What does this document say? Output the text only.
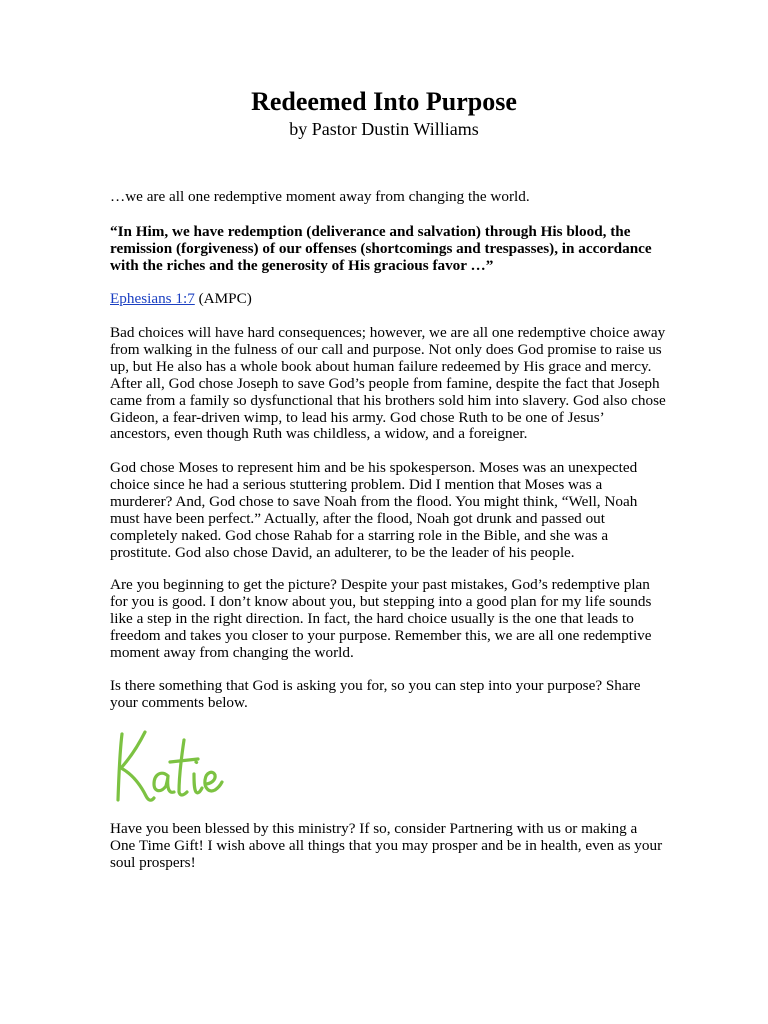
Redeemed Into Purpose
by Pastor Dustin Williams

…we are all one redemptive moment away from changing the world.

“In Him, we have redemption (deliverance and salvation) through His blood, the remission (forgiveness) of our offenses (shortcomings and trespasses), in accordance with the riches and the generosity of His gracious favor …”

Ephesians 1:7 (AMPC)

Bad choices will have hard consequences; however, we are all one redemptive choice away from walking in the fulness of our call and purpose. Not only does God promise to raise us up, but He also has a whole book about human failure redeemed by His grace and mercy. After all, God chose Joseph to save God’s people from famine, despite the fact that Joseph came from a family so dysfunctional that his brothers sold him into slavery. God also chose Gideon, a fear-driven wimp, to lead his army. God chose Ruth to be one of Jesus’ ancestors, even though Ruth was childless, a widow, and a foreigner.

God chose Moses to represent him and be his spokesperson. Moses was an unexpected choice since he had a serious stuttering problem. Did I mention that Moses was a murderer? And, God chose to save Noah from the flood. You might think, “Well, Noah must have been perfect.” Actually, after the flood, Noah got drunk and passed out completely naked. God chose Rahab for a starring role in the Bible, and she was a prostitute. God also chose David, an adulterer, to be the leader of his people.

Are you beginning to get the picture? Despite your past mistakes, God’s redemptive plan for you is good. I don’t know about you, but stepping into a good plan for my life sounds like a step in the right direction. In fact, the hard choice usually is the one that leads to freedom and takes you closer to your purpose. Remember this, we are all one redemptive moment away from changing the world.

Is there something that God is asking you for, so you can step into your purpose? Share your comments below.

Have you been blessed by this ministry? If so, consider Partnering with us or making a One Time Gift! I wish above all things that you may prosper and be in health, even as your soul prospers!
